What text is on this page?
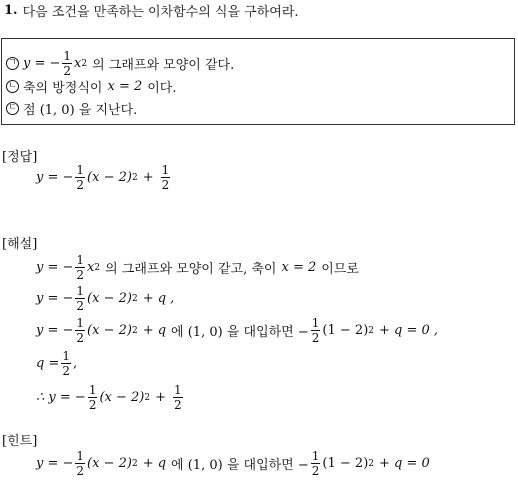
1. 다음 조건을 만족하는 이차함수의 식을 구하여라.
ㄱ y = − $\frac{1}{2}$ x 2 의 그래프와 모양이 같다.
ㄴ 축의 방정식이 x = 2 이다.
ㄷ 점 (1, 0) 을 지난다.
[정답]
y = − $\frac{1}{2} (x - 2) 2 + \frac{1}{2}$
[해설]
y = − $\frac{1}{2}$ x 2 의 그래프와 모양이 같고, 축이 x = 2 이므로
y = − $\frac{1}{2} (x - 2) 2 + q$ ,
y = − $\frac{1}{2} (x - 2) 2 + q$ 에 (1, 0) 을 대입하면 − $\frac{1}{2} (1 - 2) 2 + q = 0$ ,
$q = \frac{1}{2}$ ,
∴ y = − $\frac{1}{2} (x - 2) 2 + \frac{1}{2}$
[힌트]
y = − $\frac{1}{2} (x - 2) 2 + q$ 에 (1, 0) 을 대입하면 − $\frac{1}{2} (1 - 2) 2 + q = 0$
